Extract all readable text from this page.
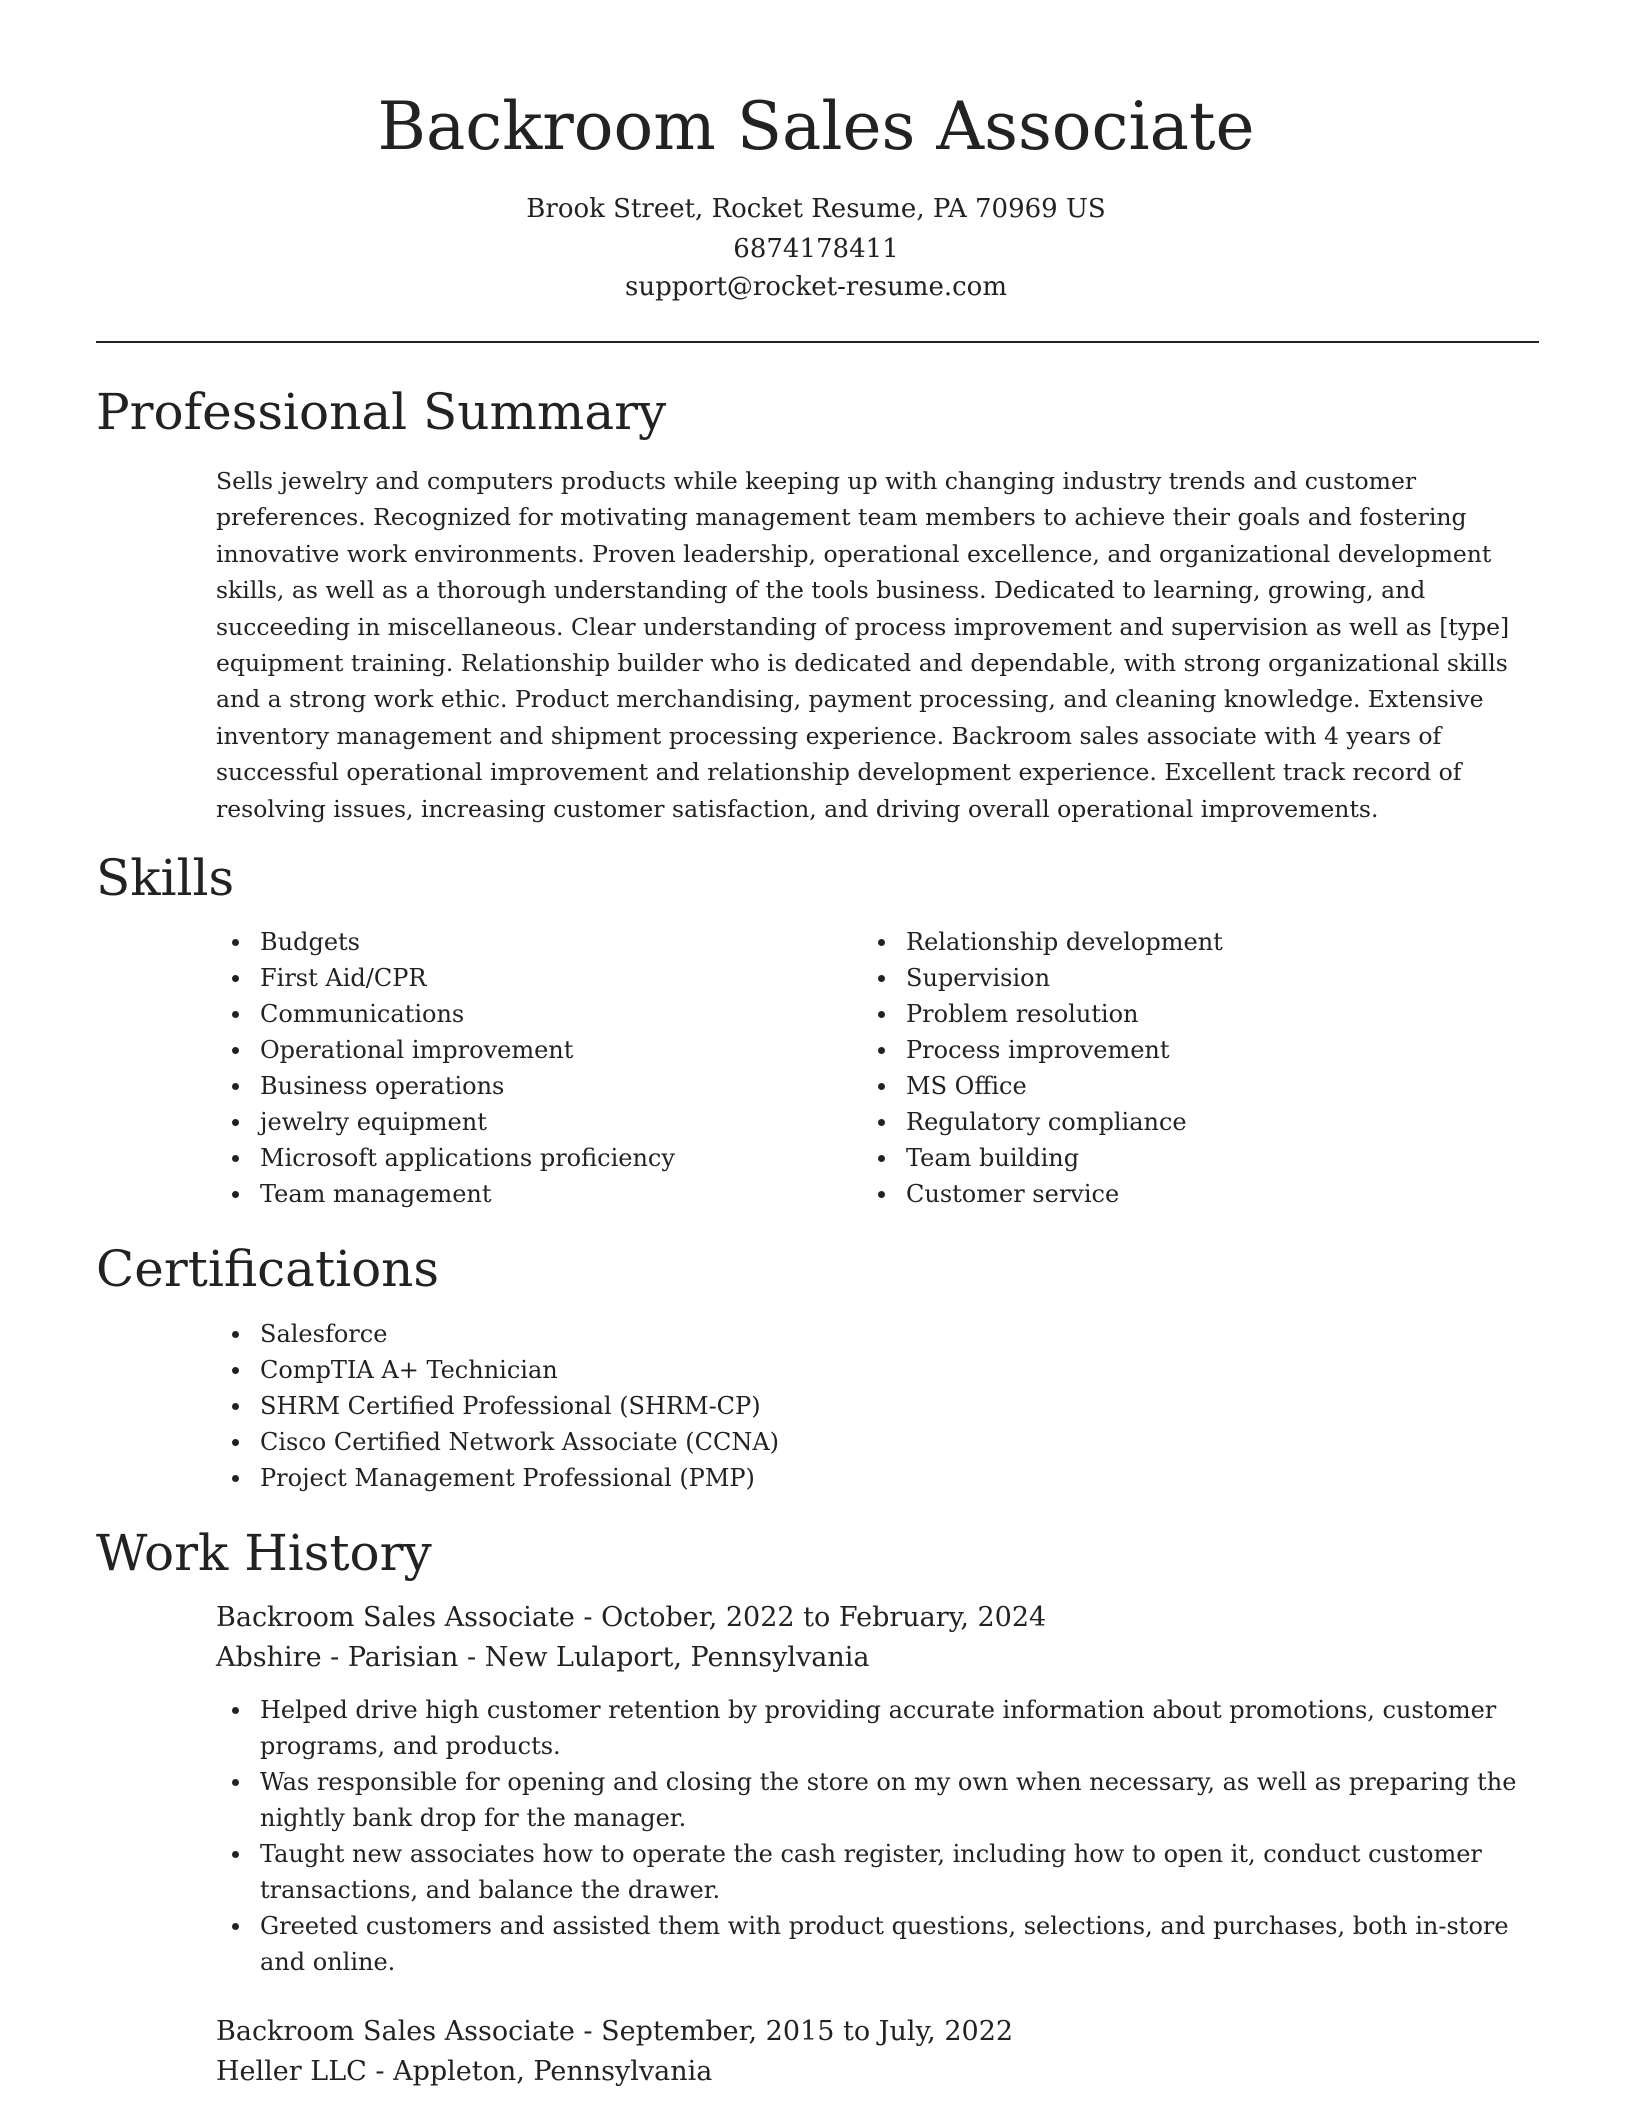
Backroom Sales Associate
Brook Street, Rocket Resume, PA 70969 US
6874178411
support@rocket-resume.com
Professional Summary

Sells jewelry and computers products while keeping up with changing industry trends and customer preferences. Recognized for motivating management team members to achieve their goals and fostering innovative work environments. Proven leadership, operational excellence, and organizational development skills, as well as a thorough understanding of the tools business. Dedicated to learning, growing, and succeeding in miscellaneous. Clear understanding of process improvement and supervision as well as [type] equipment training. Relationship builder who is dedicated and dependable, with strong organizational skills and a strong work ethic. Product merchandising, payment processing, and cleaning knowledge. Extensive inventory management and shipment processing experience. Backroom sales associate with 4 years of successful operational improvement and relationship development experience. Excellent track record of resolving issues, increasing customer satisfaction, and driving overall operational improvements.

Skills
Budgets
First Aid/CPR
Communications
Operational improvement
Business operations
jewelry equipment
Microsoft applications proficiency
Team management
Relationship development
Supervision
Problem resolution
Process improvement
MS Office
Regulatory compliance
Team building
Customer service
Certifications
Salesforce
CompTIA A+ Technician
SHRM Certified Professional (SHRM-CP)
Cisco Certified Network Associate (CCNA)
Project Management Professional (PMP)
Work History
Backroom Sales Associate - October, 2022 to February, 2024
Abshire - Parisian - New Lulaport, Pennsylvania
Helped drive high customer retention by providing accurate information about promotions, customer programs, and products.
Was responsible for opening and closing the store on my own when necessary, as well as preparing the nightly bank drop for the manager.
Taught new associates how to operate the cash register, including how to open it, conduct customer transactions, and balance the drawer.
Greeted customers and assisted them with product questions, selections, and purchases, both in-store and online.
Backroom Sales Associate - September, 2015 to July, 2022
Heller LLC - Appleton, Pennsylvania
